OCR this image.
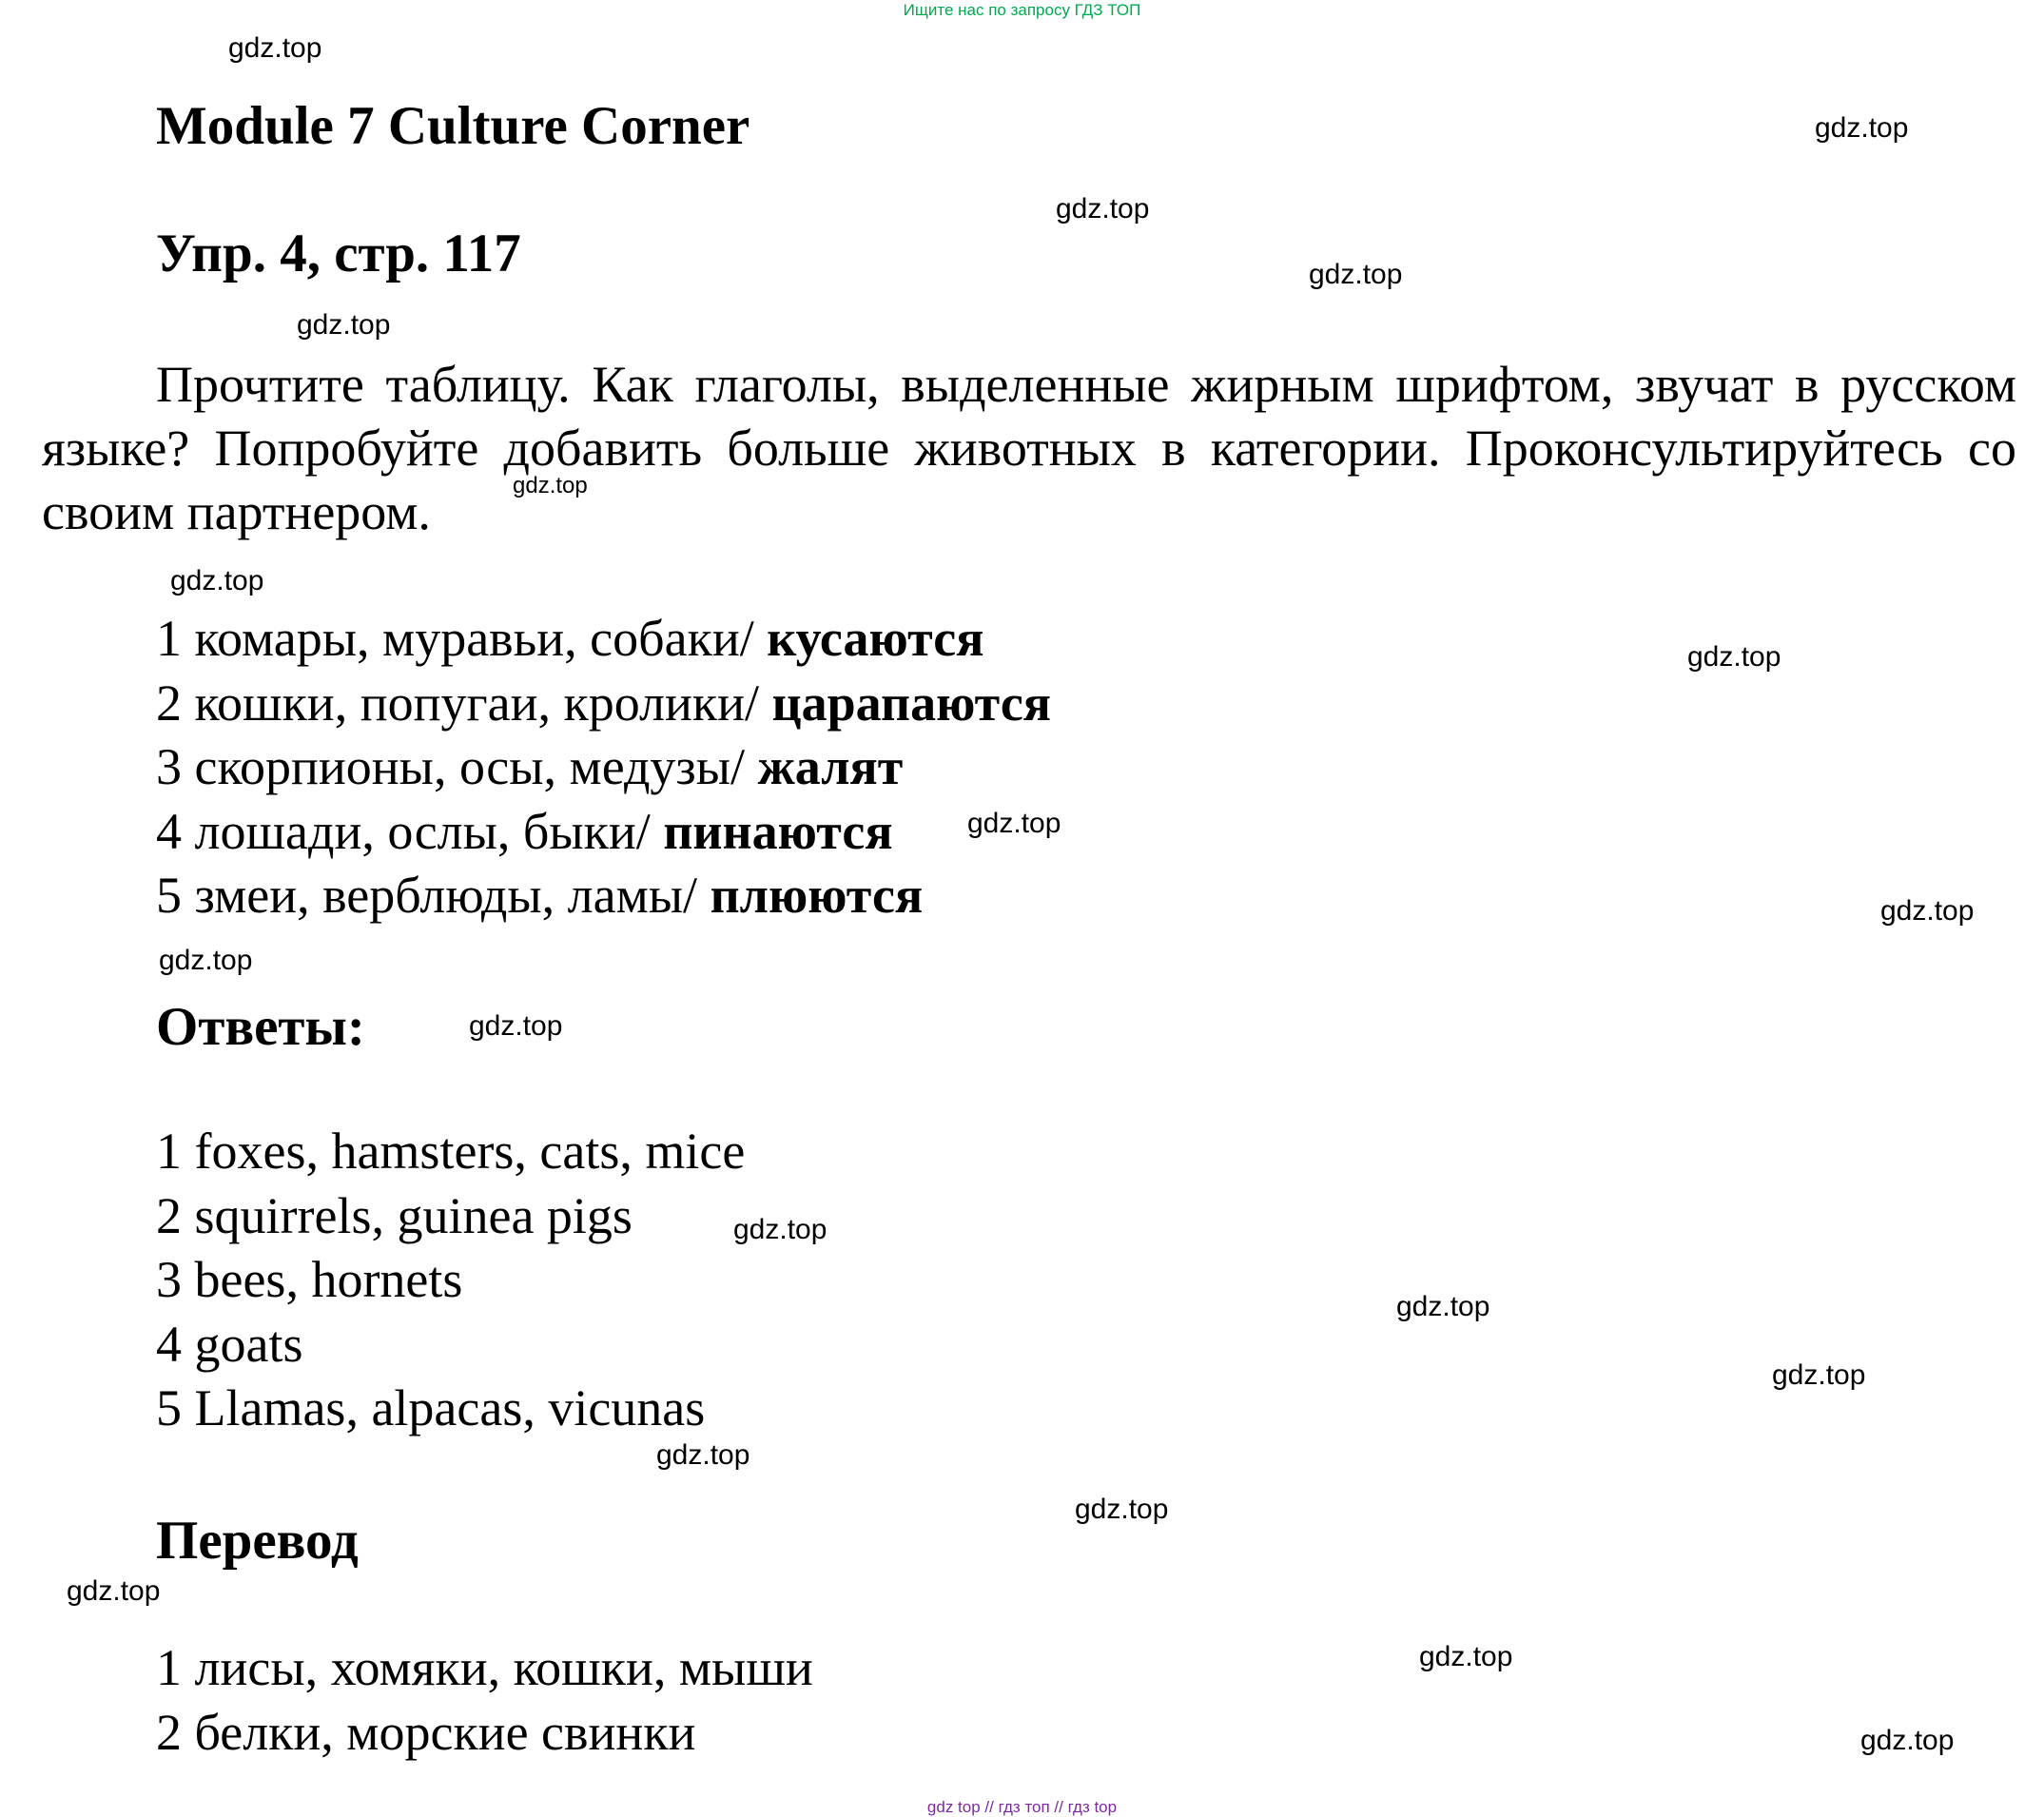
Ищите нас по запросу ГДЗ ТОП
Module 7 Culture Corner
Упр. 4, стр. 117

Прочтите таблицу. Как глаголы, выделенные жирным шрифтом, звучат в русском языке? Попробуйте добавить больше животных в категории. Проконсультируйтесь со своим партнером.

1 комары, муравьи, собаки/ кусаются
2 кошки, попугаи, кролики/ царапаются
3 скорпионы, осы, медузы/ жалят
4 лошади, ослы, быки/ пинаются
5 змеи, верблюды, ламы/ плюются
Ответы:
1 foxes, hamsters, cats, mice
2 squirrels, guinea pigs
3 bees, hornets
4 goats
5 Llamas, alpacas, vicunas
Перевод
1 лисы, хомяки, кошки, мыши
2 белки, морские свинки
gdz.top
gdz.top
gdz.top
gdz.top
gdz.top
gdz.top
gdz.top
gdz.top
gdz.top
gdz.top
gdz.top
gdz.top
gdz.top
gdz.top
gdz.top
gdz.top
gdz.top
gdz.top
gdz.top
gdz.top
gdz top // гдз топ // гдз top
